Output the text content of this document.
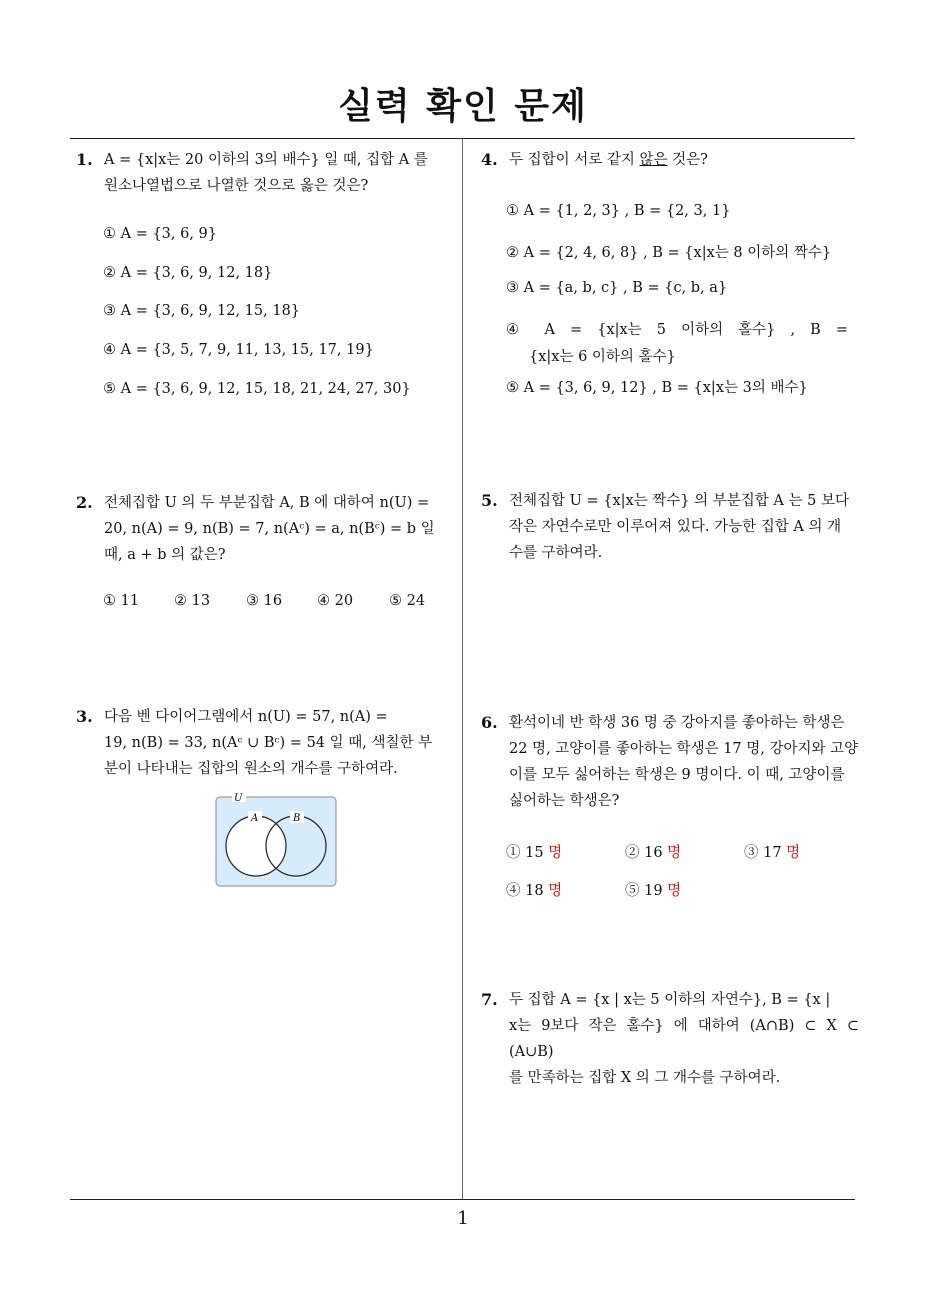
실력 확인 문제
1
1. A = {x|x는 20 이하의 3의 배수} 일 때, 집합 A 를
원소나열법으로 나열한 것으로 옳은 것은?
① A = {3, 6, 9}
② A = {3, 6, 9, 12, 18}
③ A = {3, 6, 9, 12, 15, 18}
④ A = {3, 5, 7, 9, 11, 13, 15, 17, 19}
⑤ A = {3, 6, 9, 12, 15, 18, 21, 24, 27, 30}
2. 전체집합 U 의 두 부분집합 A, B 에 대하여 n(U) =
20, n(A) = 9, n(B) = 7, n(Aᶜ) = a, n(Bᶜ) = b 일
때, a + b 의 값은?
① 11 ② 13 ③ 16 ④ 20 ⑤ 24
3. 다음 벤 다이어그램에서 n(U) = 57, n(A) =
19, n(B) = 33, n(Aᶜ ∪ Bᶜ) = 54 일 때, 색칠한 부
분이 나타내는 집합의 원소의 개수를 구하여라.
U
A	B
4. 두 집합이 서로 같지 않은 것은?
① A = {1, 2, 3} , B = {2, 3, 1}
② A = {2, 4, 6, 8} , B = {x|x는 8 이하의 짝수}
③ A = {a, b, c} , B = {c, b, a}
④ A = {x|x는 5 이하의 홀수} , B =
{x|x는 6 이하의 홀수}
⑤ A = {3, 6, 9, 12} , B = {x|x는 3의 배수}
5. 전체집합 U = {x|x는 짝수} 의 부분집합 A 는 5 보다
작은 자연수로만 이루어져 있다. 가능한 집합 A 의 개
수를 구하여라.
6. 환석이네 반 학생 36 명 중 강아지를 좋아하는 학생은
22 명, 고양이를 좋아하는 학생은 17 명, 강아지와 고양
이를 모두 싫어하는 학생은 9 명이다. 이 때, 고양이를
싫어하는 학생은?
① 15 명	② 16 명	③ 17 명
④ 18 명	⑤ 19 명
7. 두 집합 A = {x | x는 5 이하의 자연수}, B = {x |
x는 9보다 작은 홀수} 에 대하여 (A∩B) ⊂ X ⊂ (A∪B)
를 만족하는 집합 X 의 그 개수를 구하여라.
